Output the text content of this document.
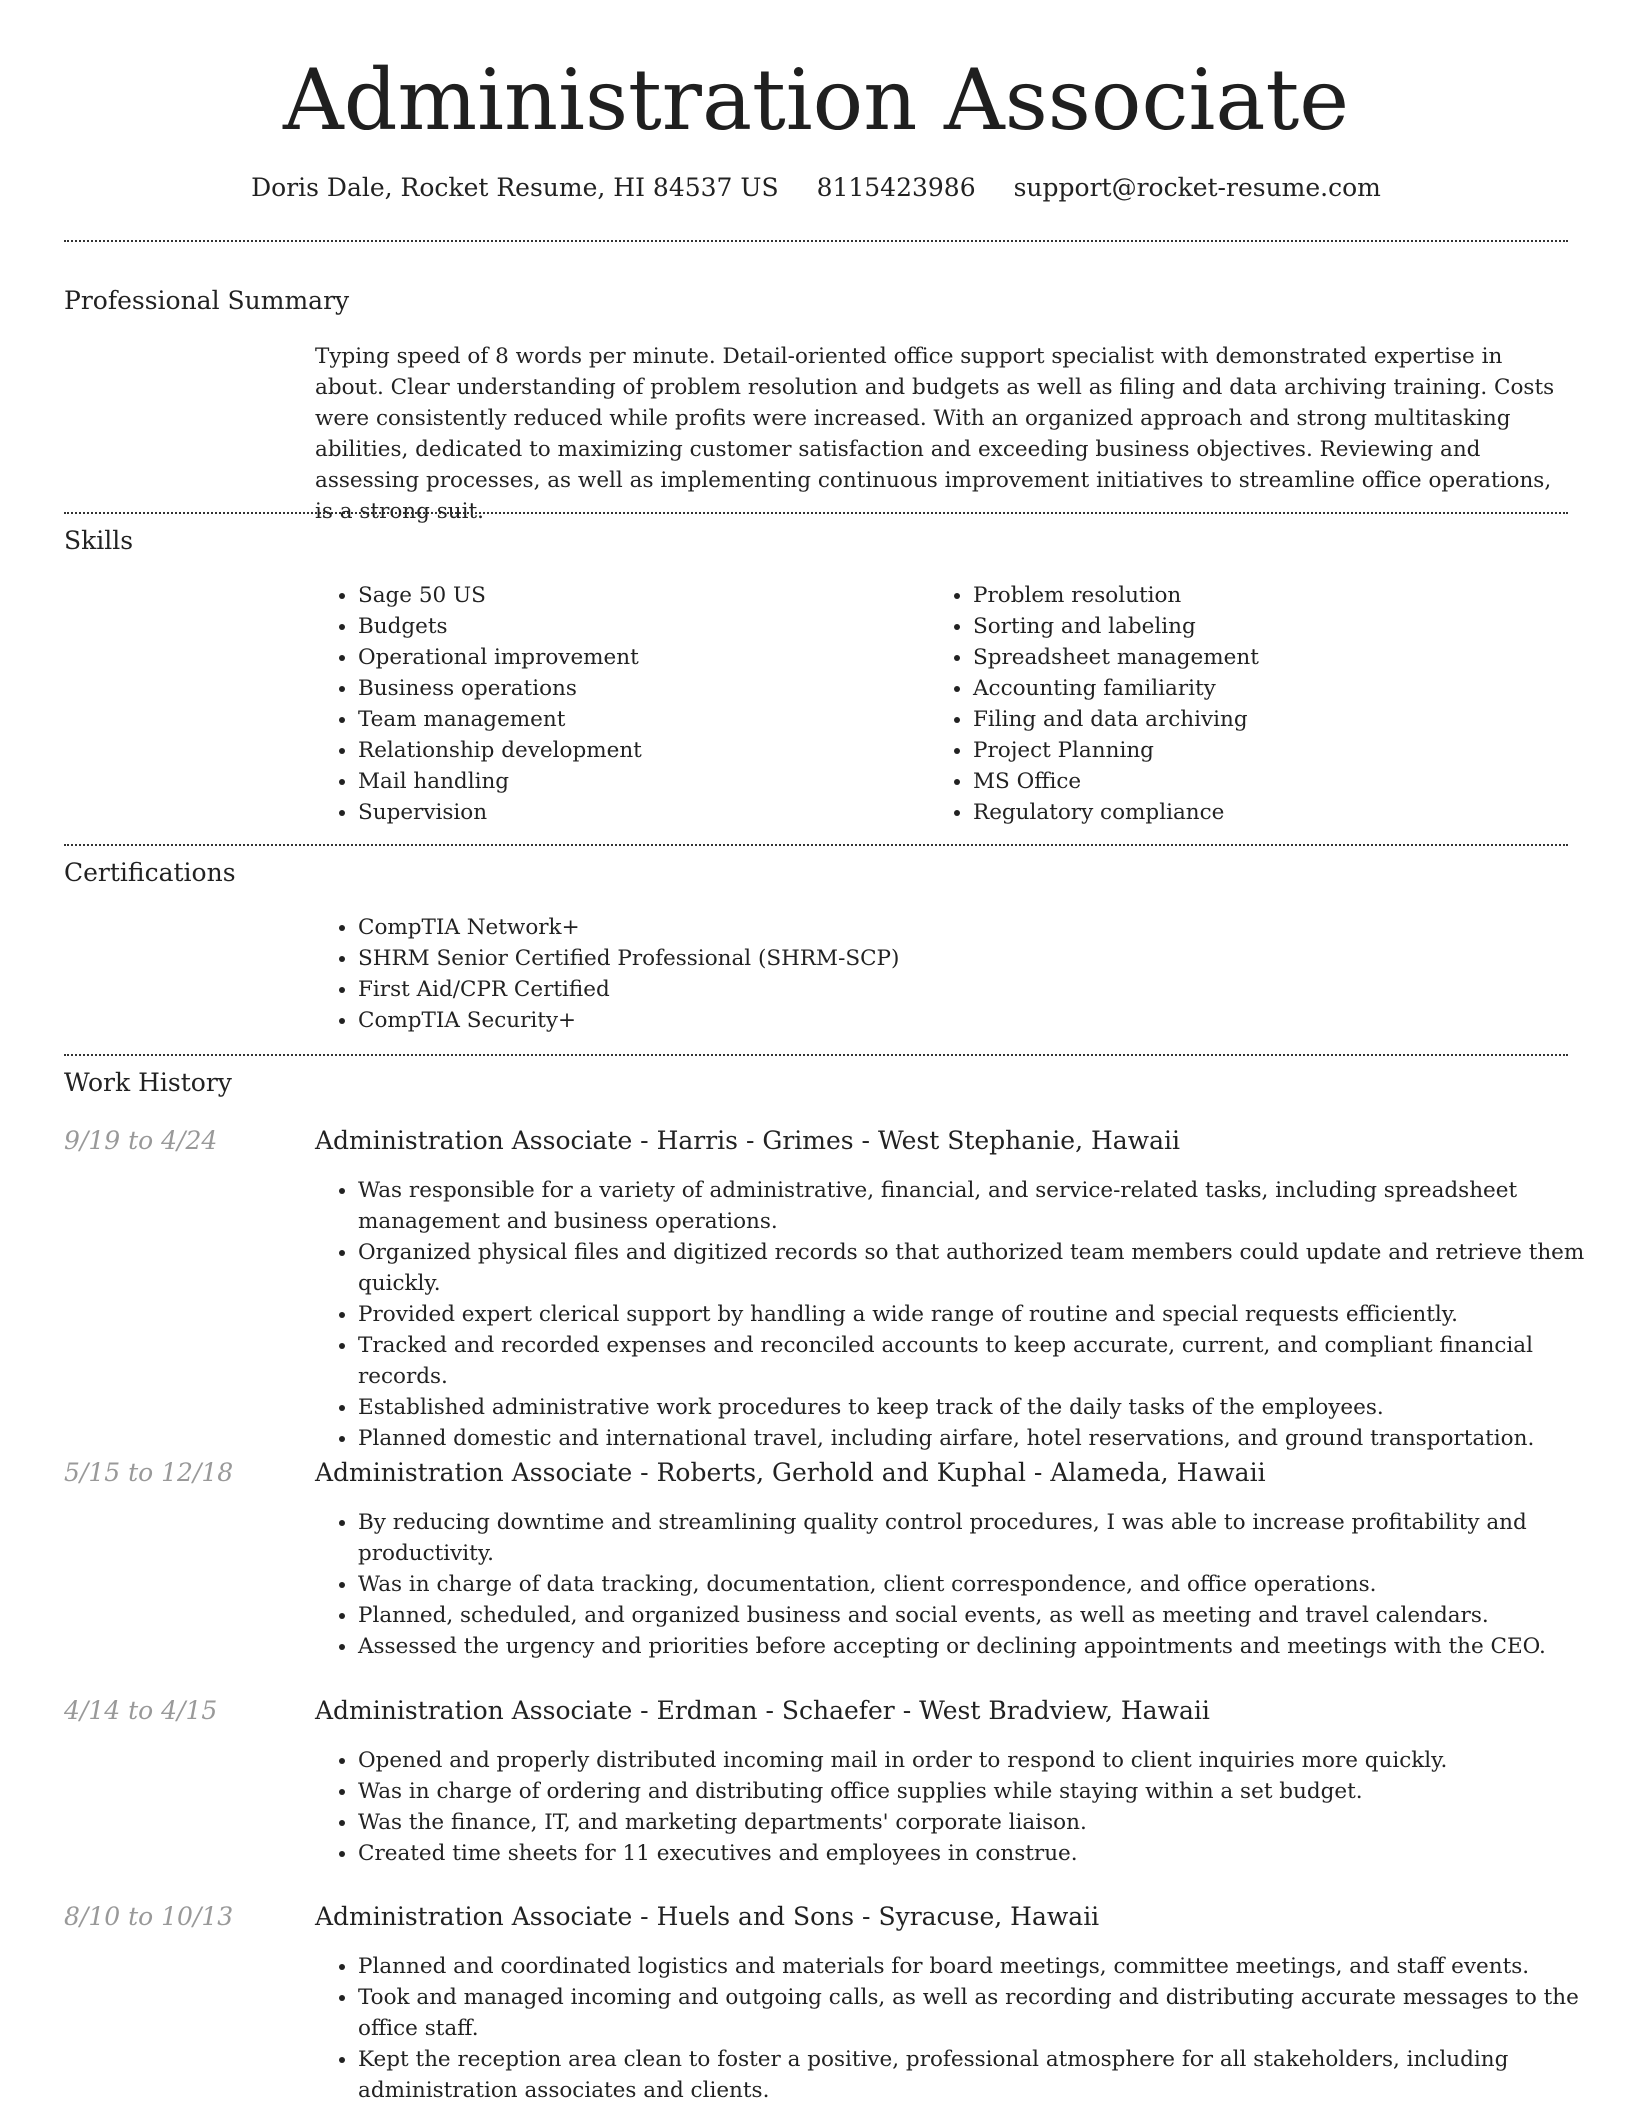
Administration Associate
Doris Dale, Rocket Resume, HI 84537 US 8115423986 support@rocket-resume.com
Professional Summary

Typing speed of 8 words per minute. Detail-oriented office support specialist with demonstrated expertise in about. Clear understanding of problem resolution and budgets as well as filing and data archiving training. Costs were consistently reduced while profits were increased. With an organized approach and strong multitasking abilities, dedicated to maximizing customer satisfaction and exceeding business objectives. Reviewing and assessing processes, as well as implementing continuous improvement initiatives to streamline office operations, is a strong suit.

Skills
• Sage 50 US
• Budgets
• Operational improvement
• Business operations
• Team management
• Relationship development
• Mail handling
• Supervision
• Problem resolution
• Sorting and labeling
• Spreadsheet management
• Accounting familiarity
• Filing and data archiving
• Project Planning
• MS Office
• Regulatory compliance
Certifications
• CompTIA Network+
• SHRM Senior Certified Professional (SHRM-SCP)
• First Aid/CPR Certified
• CompTIA Security+
Work History
9/19 to 4/24	Administration Associate - Harris - Grimes - West Stephanie, Hawaii
• Was responsible for a variety of administrative, financial, and service-related tasks, including spreadsheet management and business operations.
• Organized physical files and digitized records so that authorized team members could update and retrieve them quickly.
• Provided expert clerical support by handling a wide range of routine and special requests efficiently.
• Tracked and recorded expenses and reconciled accounts to keep accurate, current, and compliant financial records.
• Established administrative work procedures to keep track of the daily tasks of the employees.
• Planned domestic and international travel, including airfare, hotel reservations, and ground transportation.
5/15 to 12/18	Administration Associate - Roberts, Gerhold and Kuphal - Alameda, Hawaii
• By reducing downtime and streamlining quality control procedures, I was able to increase profitability and productivity.
• Was in charge of data tracking, documentation, client correspondence, and office operations.
• Planned, scheduled, and organized business and social events, as well as meeting and travel calendars.
• Assessed the urgency and priorities before accepting or declining appointments and meetings with the CEO.
4/14 to 4/15	Administration Associate - Erdman - Schaefer - West Bradview, Hawaii
• Opened and properly distributed incoming mail in order to respond to client inquiries more quickly.
• Was in charge of ordering and distributing office supplies while staying within a set budget.
• Was the finance, IT, and marketing departments' corporate liaison.
• Created time sheets for 11 executives and employees in construe.
8/10 to 10/13	Administration Associate - Huels and Sons - Syracuse, Hawaii
• Planned and coordinated logistics and materials for board meetings, committee meetings, and staff events.
• Took and managed incoming and outgoing calls, as well as recording and distributing accurate messages to the office staff.
• Kept the reception area clean to foster a positive, professional atmosphere for all stakeholders, including administration associates and clients.
